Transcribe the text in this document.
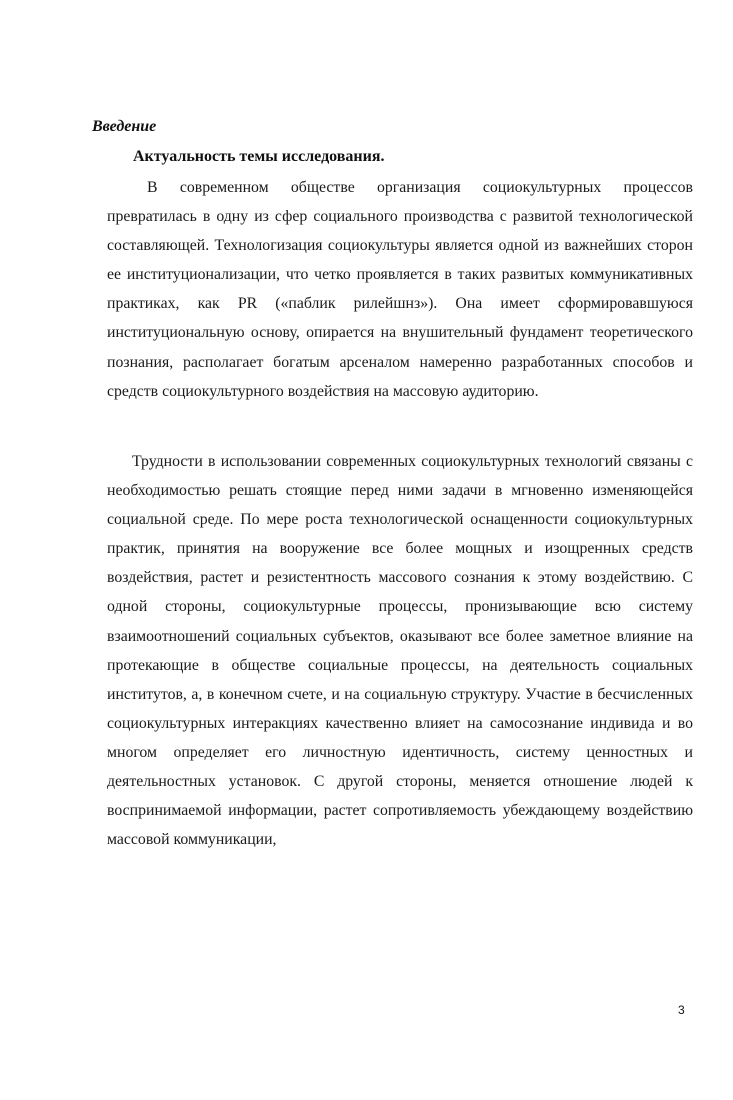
Введение
Актуальность темы исследования.

В современном обществе организация социокультурных процессов превратилась в одну из сфер социального производства с развитой технологической составляющей. Технологизация социокультуры является одной из важнейших сторон ее институционализации, что четко проявляется в таких развитых коммуникативных практиках, как PR («паблик рилейшнз»). Она имеет сформировавшуюся институциональную основу, опирается на внушительный фундамент теоретического познания, располагает богатым арсеналом намеренно разработанных способов и средств социокультурного воздействия на массовую аудиторию.

Трудности в использовании современных социокультурных технологий связаны с необходимостью решать стоящие перед ними задачи в мгновенно изменяющейся социальной среде. По мере роста технологической оснащенности социокультурных практик, принятия на вооружение все более мощных и изощренных средств воздействия, растет и резистентность массового сознания к этому воздействию. С одной стороны, социокультурные процессы, пронизывающие всю систему взаимоотношений социальных субъектов, оказывают все более заметное влияние на протекающие в обществе социальные процессы, на деятельность социальных институтов, а, в конечном счете, и на социальную структуру. Участие в бесчисленных социокультурных интеракциях качественно влияет на самосознание индивида и во многом определяет его личностную идентичность, систему ценностных и деятельностных установок. С другой стороны, меняется отношение людей к воспринимаемой информации, растет сопротивляемость убеждающему воздействию массовой коммуникации,

3
